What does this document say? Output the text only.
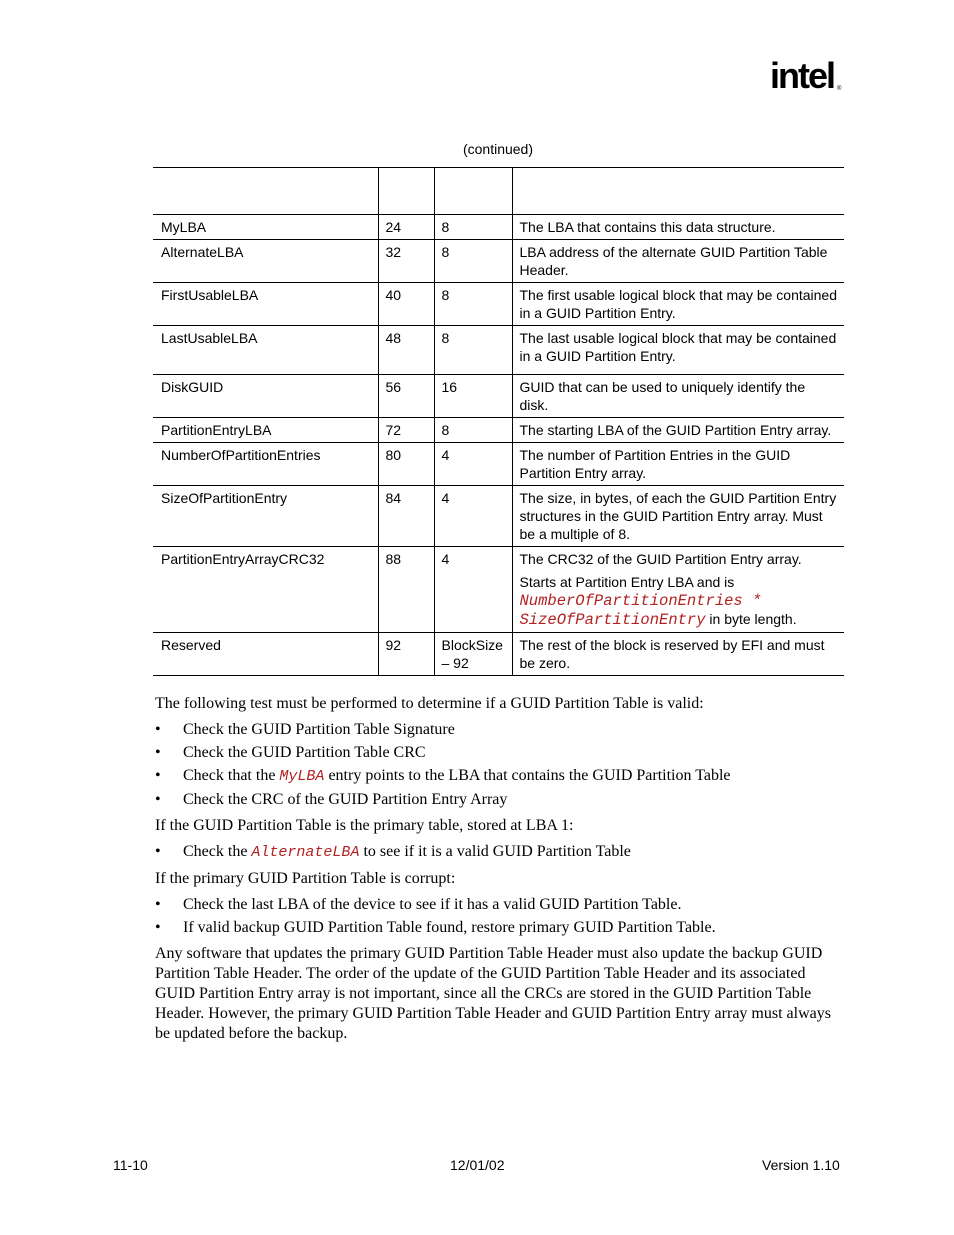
intel ®
(continued)

MyLBA	24	8	The LBA that contains this data structure.
AlternateLBA	32	8	LBA address of the alternate GUID Partition Table Header.
FirstUsableLBA	40	8	The first usable logical block that may be contained in a GUID Partition Entry.
LastUsableLBA	48	8	The last usable logical block that may be contained in a GUID Partition Entry.
DiskGUID	56	16	GUID that can be used to uniquely identify the disk.
PartitionEntryLBA	72	8	The starting LBA of the GUID Partition Entry array.
NumberOfPartitionEntries	80	4	The number of Partition Entries in the GUID Partition Entry array.
SizeOfPartitionEntry	84	4	The size, in bytes, of each the GUID Partition Entry structures in the GUID Partition Entry array. Must be a multiple of 8.
PartitionEntryArrayCRC32	88	4	The CRC32 of the GUID Partition Entry array.
Starts at Partition Entry LBA and is
NumberOfPartitionEntries * SizeOfPartitionEntry in byte length.

Reserved	92	BlockSize – 92	The rest of the block is reserved by EFI and must be zero.

The following test must be performed to determine if a GUID Partition Table is valid:

• Check the GUID Partition Table Signature
• Check the GUID Partition Table CRC
• Check that the MyLBA entry points to the LBA that contains the GUID Partition Table
• Check the CRC of the GUID Partition Entry Array

If the GUID Partition Table is the primary table, stored at LBA 1:

• Check the AlternateLBA to see if it is a valid GUID Partition Table

If the primary GUID Partition Table is corrupt:

• Check the last LBA of the device to see if it has a valid GUID Partition Table.
• If valid backup GUID Partition Table found, restore primary GUID Partition Table.

Any software that updates the primary GUID Partition Table Header must also update the backup GUID Partition Table Header. The order of the update of the GUID Partition Table Header and its associated GUID Partition Entry array is not important, since all the CRCs are stored in the GUID Partition Table Header. However, the primary GUID Partition Table Header and GUID Partition Entry array must always be updated before the backup.

11-10	12/01/02	Version 1.10
